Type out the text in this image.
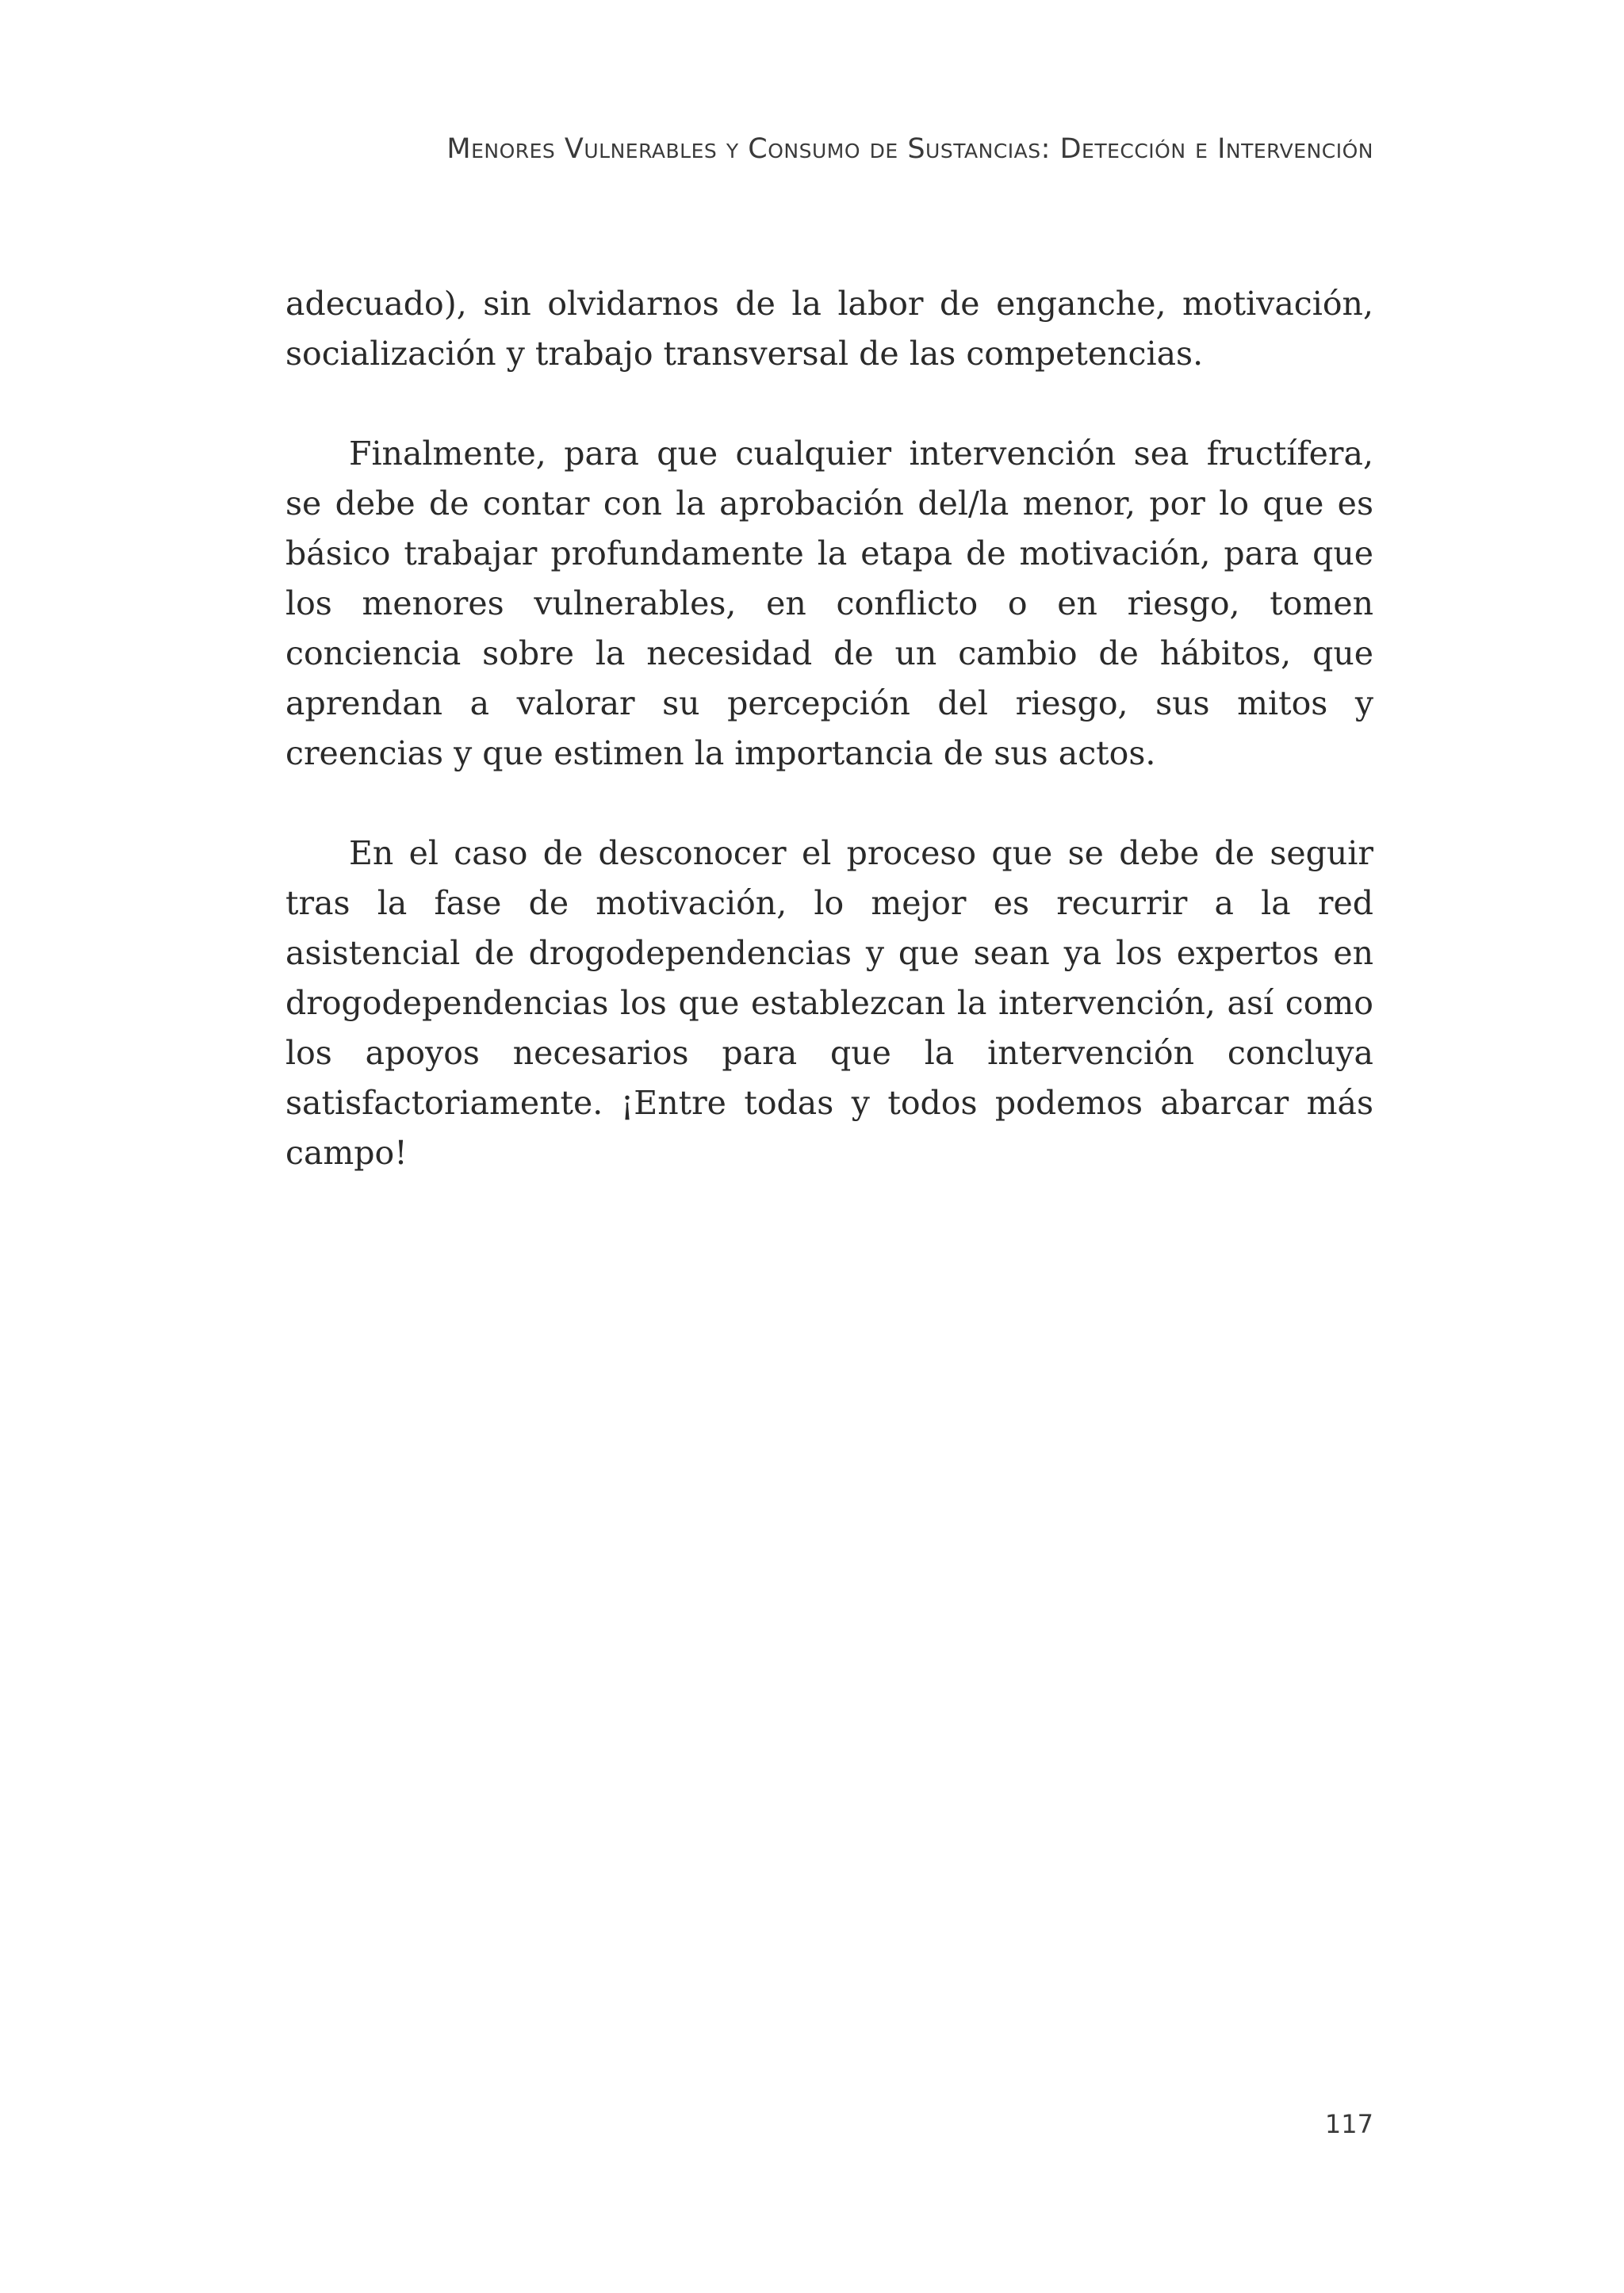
Menores Vulnerables y Consumo de Sustancias: Detección e Intervención

adecuado), sin olvidarnos de la labor de enganche, motivación, socialización y trabajo transversal de las competencias.

Finalmente, para que cualquier intervención sea fructífera, se debe de contar con la aprobación del/la menor, por lo que es básico trabajar profundamente la etapa de motivación, para que los menores vulnerables, en conflicto o en riesgo, tomen conciencia sobre la necesidad de un cambio de hábitos, que aprendan a valorar su percepción del riesgo, sus mitos y creencias y que estimen la importancia de sus actos.

En el caso de desconocer el proceso que se debe de seguir tras la fase de motivación, lo mejor es recurrir a la red asistencial de drogodependencias y que sean ya los expertos en drogodependencias los que establezcan la intervención, así como los apoyos necesarios para que la intervención concluya satisfactoriamente. ¡Entre todas y todos podemos abarcar más campo!

117
